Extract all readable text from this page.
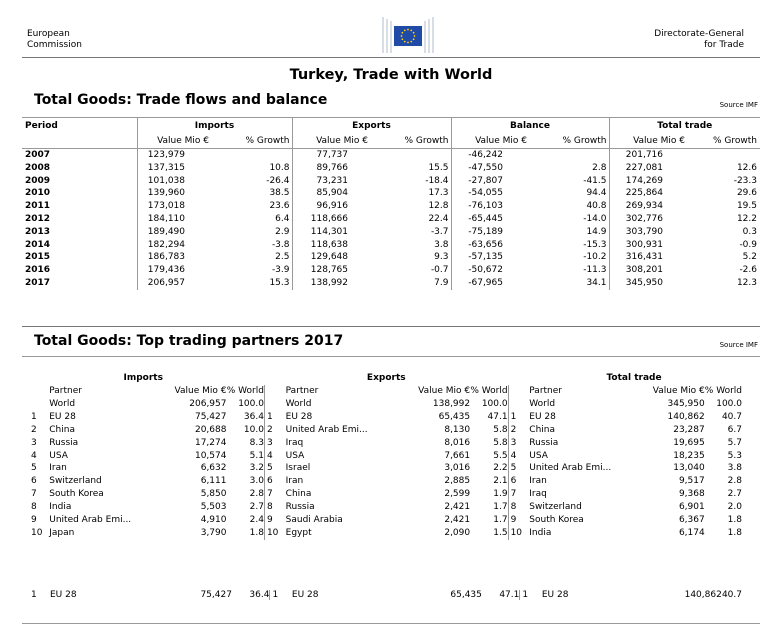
European
Commission
Directorate-General
for Trade
Turkey, Trade with World
Total Goods: Trade flows and balance	Source IMF
Period	Imports		Exports		Balance		Total trade	
	Value Mio €	% Growth	Value Mio €	% Growth	Value Mio €	% Growth	Value Mio €	% Growth
2007	123,979		77,737		-46,242		201,716	
2008	137,315	10.8	89,766	15.5	-47,550	2.8	227,081	12.6
2009	101,038	-26.4	73,231	-18.4	-27,807	-41.5	174,269	-23.3
2010	139,960	38.5	85,904	17.3	-54,055	94.4	225,864	29.6
2011	173,018	23.6	96,916	12.8	-76,103	40.8	269,934	19.5
2012	184,110	6.4	118,666	22.4	-65,445	-14.0	302,776	12.2
2013	189,490	2.9	114,301	-3.7	-75,189	14.9	303,790	0.3
2014	182,294	-3.8	118,638	3.8	-63,656	-15.3	300,931	-0.9
2015	186,783	2.5	129,648	9.3	-57,135	-10.2	316,431	5.2
2016	179,436	-3.9	128,765	-0.7	-50,672	-11.3	308,201	-2.6
2017	206,957	15.3	138,992	7.9	-67,965	34.1	345,950	12.3
Total Goods: Top trading partners 2017	Source IMF
Imports				Exports				Total trade			
	Partner	Value Mio €	% World		Partner	Value Mio €	% World		Partner	Value Mio €	% World
	World	206,957	100.0		World	138,992	100.0		World	345,950	100.0
1	EU 28	75,427	36.4	1	EU 28	65,435	47.1	1	EU 28	140,862	40.7
2	China	20,688	10.0	2	United Arab Emi...	8,130	5.8	2	China	23,287	6.7
3	Russia	17,274	8.3	3	Iraq	8,016	5.8	3	Russia	19,695	5.7
4	USA	10,574	5.1	4	USA	7,661	5.5	4	USA	18,235	5.3
5	Iran	6,632	3.2	5	Israel	3,016	2.2	5	United Arab Emi...	13,040	3.8
6	Switzerland	6,111	3.0	6	Iran	2,885	2.1	6	Iran	9,517	2.8
7	South Korea	5,850	2.8	7	China	2,599	1.9	7	Iraq	9,368	2.7
8	India	5,503	2.7	8	Russia	2,421	1.7	8	Switzerland	6,901	2.0
9	United Arab Emi...	4,910	2.4	9	Saudi Arabia	2,421	1.7	9	South Korea	6,367	1.8
10	Japan	3,790	1.8	10	Egypt	2,090	1.5	10	India	6,174	1.8
1	EU 28	75,427	36.4	1	EU 28	65,435	47.1	1	EU 28	140,862	40.7
